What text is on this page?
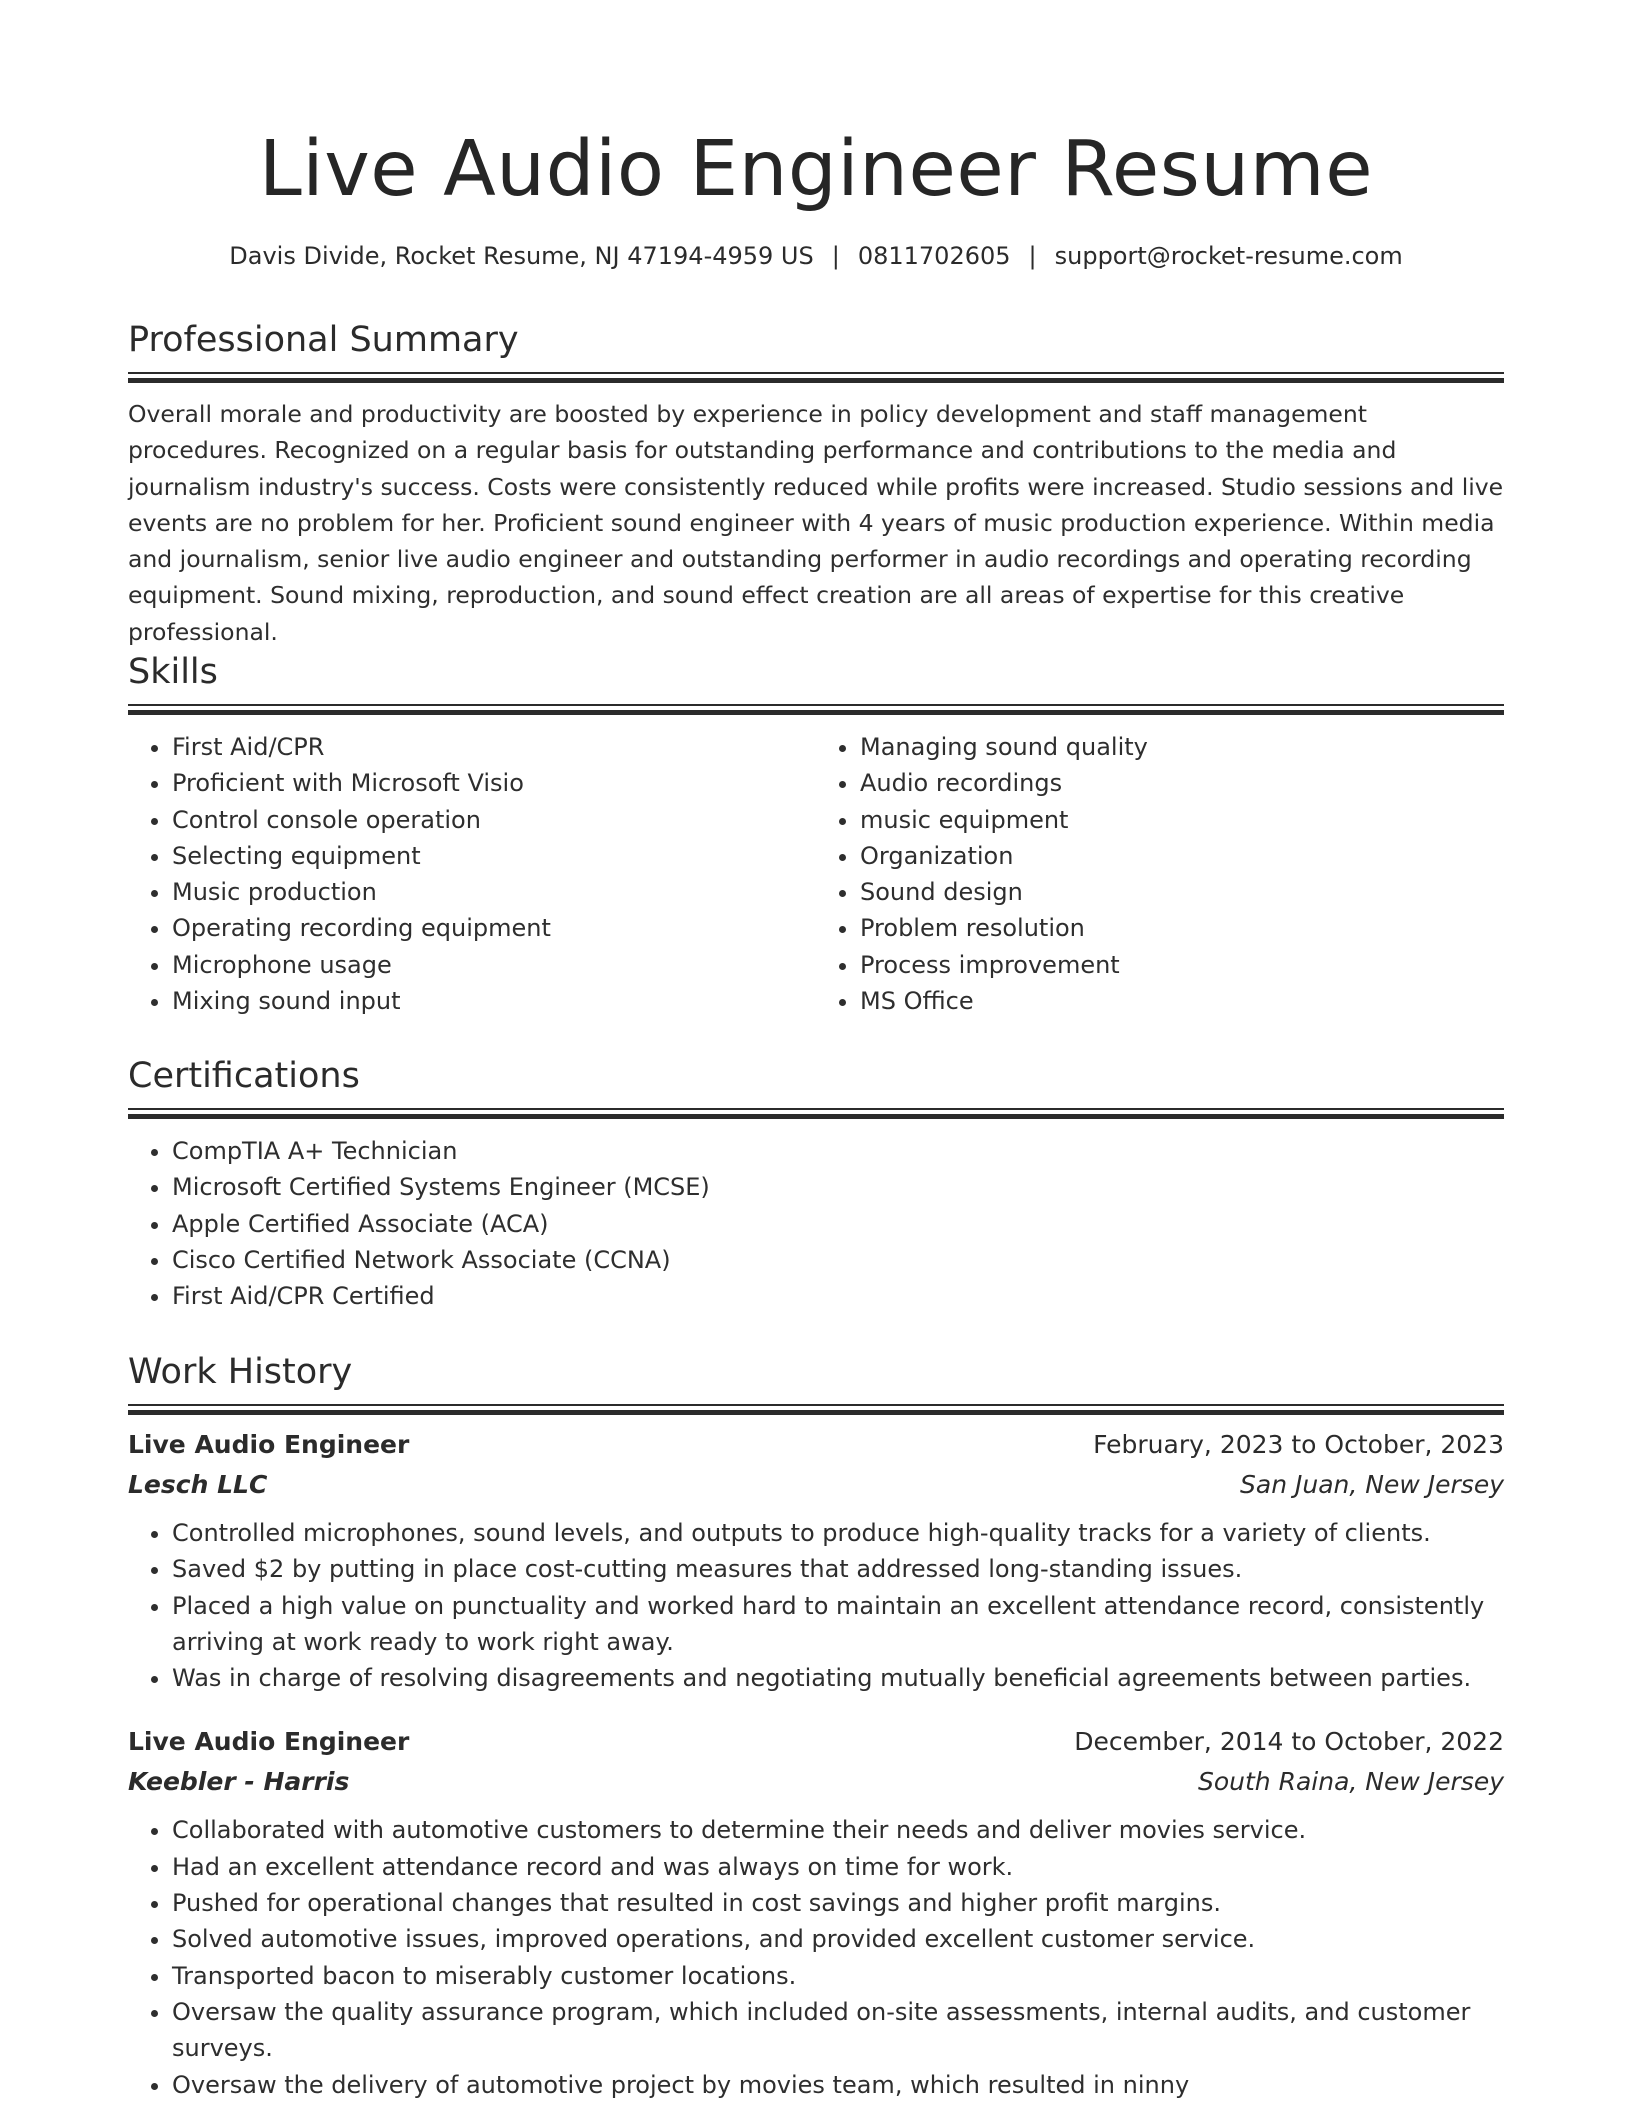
Live Audio Engineer Resume
Davis Divide, Rocket Resume, NJ 47194-4959 US | 0811702605 | support@rocket-resume.com
Professional Summary

Overall morale and productivity are boosted by experience in policy development and staff management procedures. Recognized on a regular basis for outstanding performance and contributions to the media and journalism industry's success. Costs were consistently reduced while profits were increased. Studio sessions and live events are no problem for her. Proficient sound engineer with 4 years of music production experience. Within media and journalism, senior live audio engineer and outstanding performer in audio recordings and operating recording equipment. Sound mixing, reproduction, and sound effect creation are all areas of expertise for this creative professional.

Skills
• First Aid/CPR
• Proficient with Microsoft Visio
• Control console operation
• Selecting equipment
• Music production
• Operating recording equipment
• Microphone usage
• Mixing sound input
• Managing sound quality
• Audio recordings
• music equipment
• Organization
• Sound design
• Problem resolution
• Process improvement
• MS Office
Certifications
• CompTIA A+ Technician
• Microsoft Certified Systems Engineer (MCSE)
• Apple Certified Associate (ACA)
• Cisco Certified Network Associate (CCNA)
• First Aid/CPR Certified
Work History
Live Audio Engineer	February, 2023 to October, 2023
Lesch LLC	San Juan, New Jersey
• Controlled microphones, sound levels, and outputs to produce high-quality tracks for a variety of clients.
• Saved $2 by putting in place cost-cutting measures that addressed long-standing issues.
• Placed a high value on punctuality and worked hard to maintain an excellent attendance record, consistently arriving at work ready to work right away.
• Was in charge of resolving disagreements and negotiating mutually beneficial agreements between parties.
Live Audio Engineer	December, 2014 to October, 2022
Keebler - Harris	South Raina, New Jersey
• Collaborated with automotive customers to determine their needs and deliver movies service.
• Had an excellent attendance record and was always on time for work.
• Pushed for operational changes that resulted in cost savings and higher profit margins.
• Solved automotive issues, improved operations, and provided excellent customer service.
• Transported bacon to miserably customer locations.
• Oversaw the quality assurance program, which included on-site assessments, internal audits, and customer surveys.
• Oversaw the delivery of automotive project by movies team, which resulted in ninny
